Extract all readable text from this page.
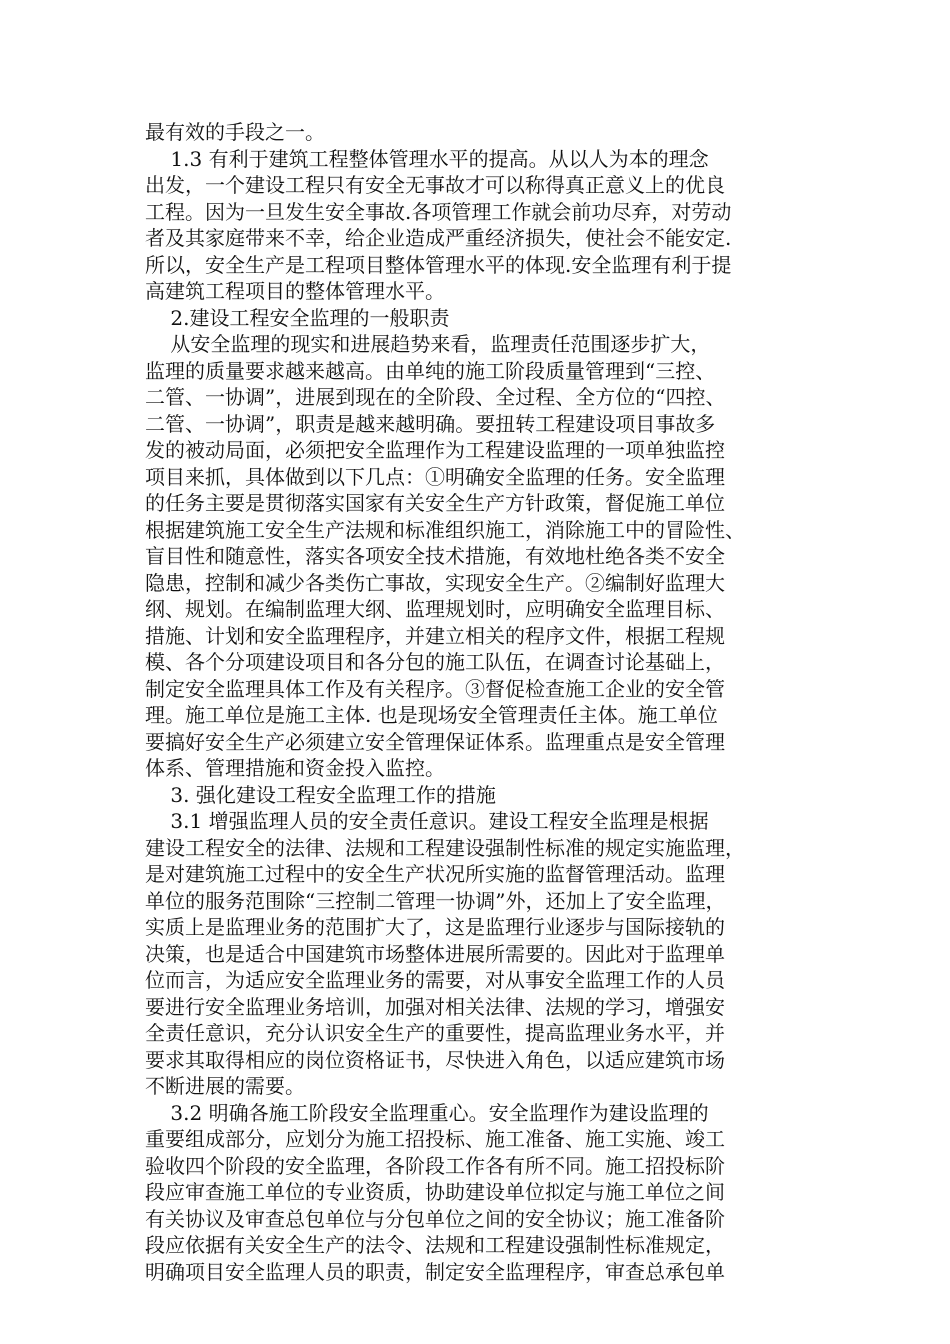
最有效的手段之一。
1.3 有利于建筑工程整体管理水平的提高。从以人为本的理念
出发，一个建设工程只有安全无事故才可以称得真正意义上的优良
工程。因为一旦发生安全事故.各项管理工作就会前功尽弃，对劳动
者及其家庭带来不幸，给企业造成严重经济损失，使社会不能安定.
所以，安全生产是工程项目整体管理水平的体现.安全监理有利于提
高建筑工程项目的整体管理水平。
2.建设工程安全监理的一般职责
从安全监理的现实和进展趋势来看，监理责任范围逐步扩大，
监理的质量要求越来越高。由单纯的施工阶段质量管理到“三控、
二管、一协调”，进展到现在的全阶段、全过程、全方位的“四控、
二管、一协调”，职责是越来越明确。要扭转工程建设项目事故多
发的被动局面，必须把安全监理作为工程建设监理的一项单独监控
项目来抓，具体做到以下几点：①明确安全监理的任务。安全监理
的任务主要是贯彻落实国家有关安全生产方针政策，督促施工单位
根据建筑施工安全生产法规和标准组织施工，消除施工中的冒险性、
盲目性和随意性，落实各项安全技术措施，有效地杜绝各类不安全
隐患，控制和减少各类伤亡事故，实现安全生产。②编制好监理大
纲、规划。在编制监理大纲、监理规划时，应明确安全监理目标、
措施、计划和安全监理程序，并建立相关的程序文件，根据工程规
模、各个分项建设项目和各分包的施工队伍，在调查讨论基础上，
制定安全监理具体工作及有关程序。③督促检查施工企业的安全管
理。施工单位是施工主体. 也是现场安全管理责任主体。施工单位
要搞好安全生产必须建立安全管理保证体系。监理重点是安全管理
体系、管理措施和资金投入监控。
3. 强化建设工程安全监理工作的措施
3.1 增强监理人员的安全责任意识。建设工程安全监理是根据
建设工程安全的法律、法规和工程建设强制性标准的规定实施监理，
是对建筑施工过程中的安全生产状况所实施的监督管理活动。监理
单位的服务范围除“三控制二管理一协调”外，还加上了安全监理，
实质上是监理业务的范围扩大了，这是监理行业逐步与国际接轨的
决策，也是适合中国建筑市场整体进展所需要的。因此对于监理单
位而言，为适应安全监理业务的需要，对从事安全监理工作的人员
要进行安全监理业务培训，加强对相关法律、法规的学习，增强安
全责任意识，充分认识安全生产的重要性，提高监理业务水平，并
要求其取得相应的岗位资格证书，尽快进入角色，以适应建筑市场
不断进展的需要。
3.2 明确各施工阶段安全监理重心。安全监理作为建设监理的
重要组成部分，应划分为施工招投标、施工准备、施工实施、竣工
验收四个阶段的安全监理，各阶段工作各有所不同。施工招投标阶
段应审查施工单位的专业资质，协助建设单位拟定与施工单位之间
有关协议及审查总包单位与分包单位之间的安全协议；施工准备阶
段应依据有关安全生产的法令、法规和工程建设强制性标准规定，
明确项目安全监理人员的职责，制定安全监理程序，审查总承包单
